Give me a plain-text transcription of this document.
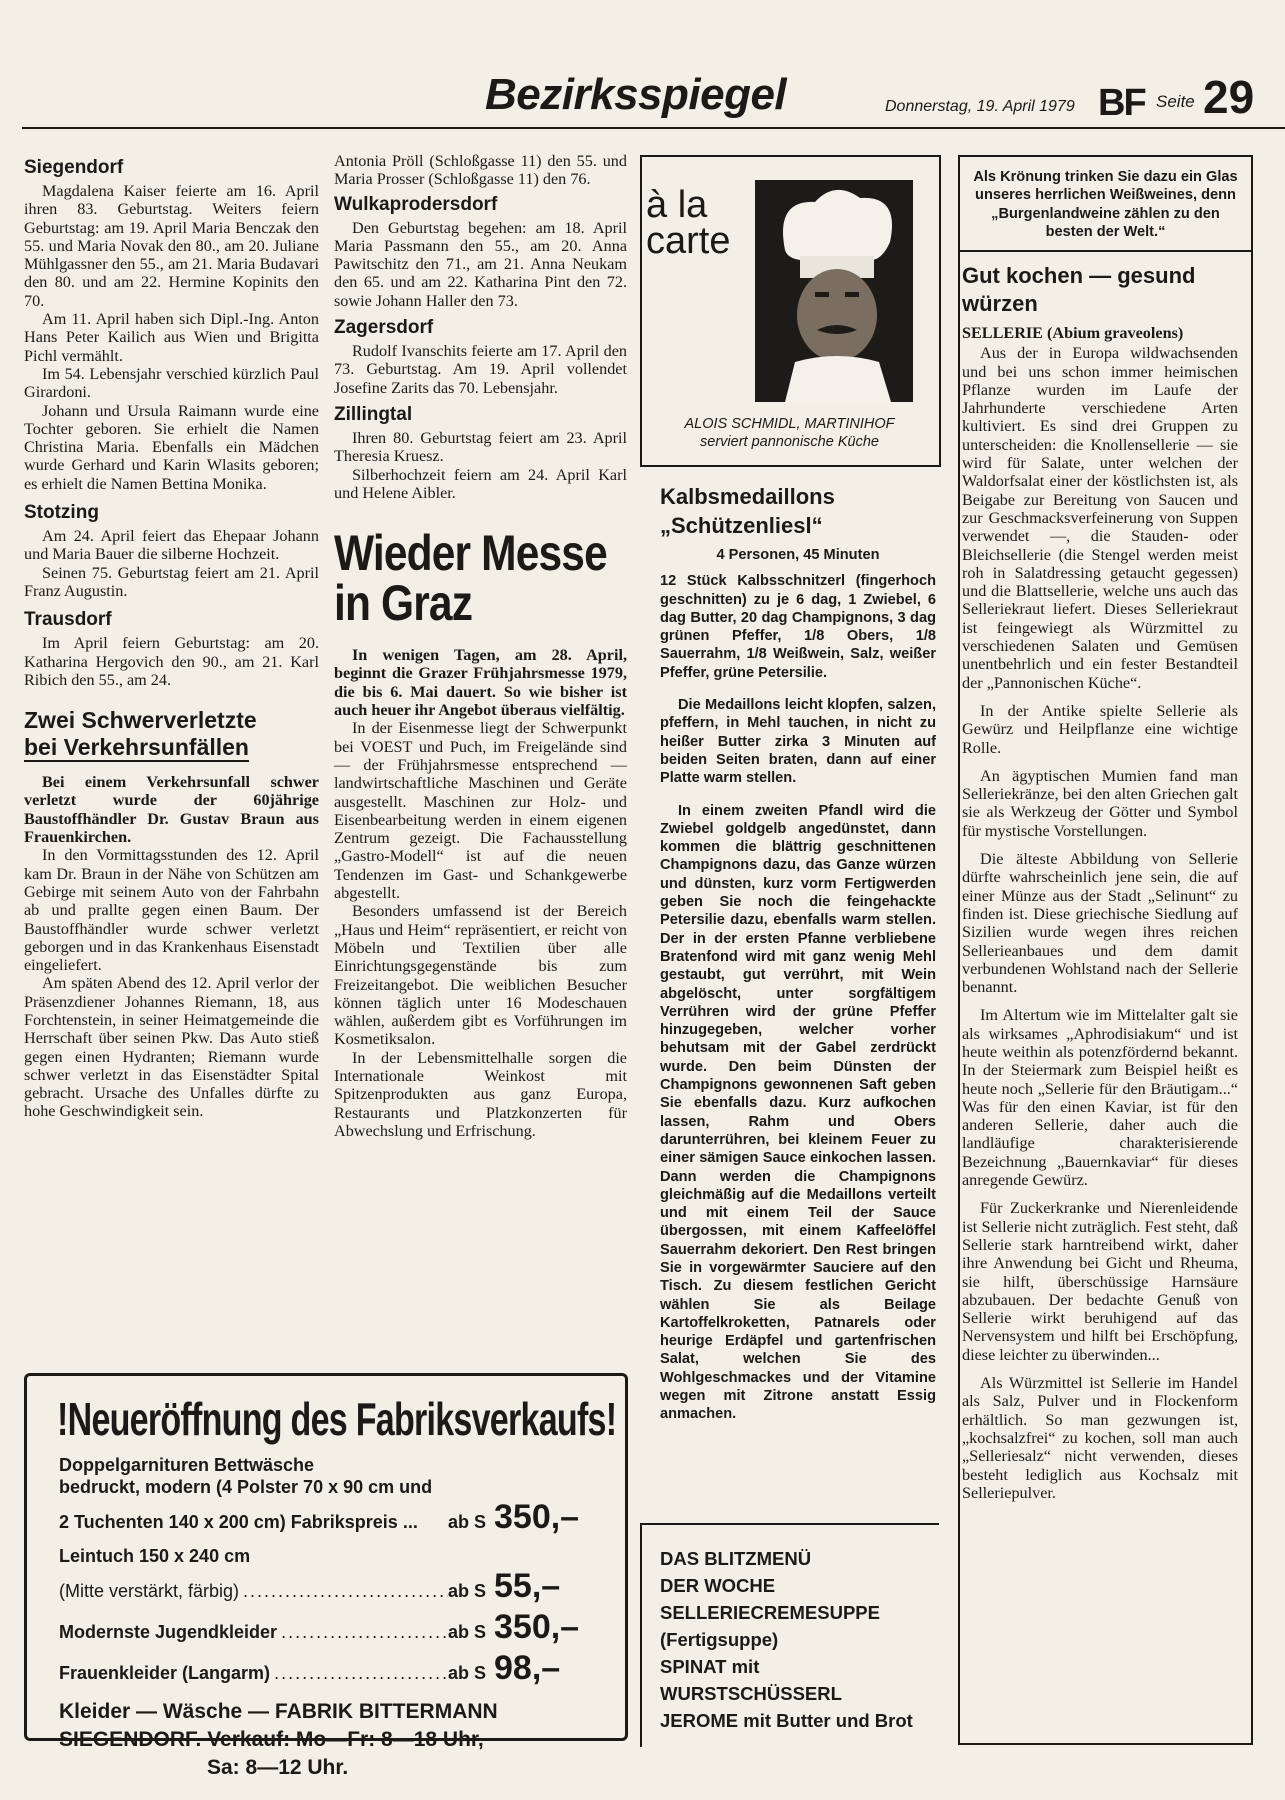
Bezirksspiegel	Donnerstag, 19. April 1979 BF Seite 29
Siegendorf

Magdalena Kaiser feierte am 16. April ihren 83. Geburtstag. Weiters feiern Geburtstag: am 19. April Maria Benczak den 55. und Maria Novak den 80., am 20. Juliane Mühlgassner den 55., am 21. Maria Budavari den 80. und am 22. Hermine Kopinits den 70.

Am 11. April haben sich Dipl.-Ing. Anton Hans Peter Kailich aus Wien und Brigitta Pichl vermählt.

Im 54. Lebensjahr verschied kürzlich Paul Girardoni.

Johann und Ursula Raimann wurde eine Tochter geboren. Sie erhielt die Namen Christina Maria. Ebenfalls ein Mädchen wurde Gerhard und Karin Wlasits geboren; es erhielt die Namen Bettina Monika.

Stotzing

Am 24. April feiert das Ehepaar Johann und Maria Bauer die silberne Hochzeit.

Seinen 75. Geburtstag feiert am 21. April Franz Augustin.

Trausdorf

Im April feiern Geburtstag: am 20. Katharina Hergovich den 90., am 21. Karl Ribich den 55., am 24.

Zwei Schwerverletzte
bei Verkehrsunfällen

Bei einem Verkehrsunfall schwer verletzt wurde der 60jährige Baustoffhändler Dr. Gustav Braun aus Frauenkirchen.

In den Vormittagsstunden des 12. April kam Dr. Braun in der Nähe von Schützen am Gebirge mit seinem Auto von der Fahrbahn ab und prallte gegen einen Baum. Der Baustoffhändler wurde schwer verletzt geborgen und in das Krankenhaus Eisenstadt eingeliefert.

Am späten Abend des 12. April verlor der Präsenzdiener Johannes Riemann, 18, aus Forchtenstein, in seiner Heimatgemeinde die Herrschaft über seinen Pkw. Das Auto stieß gegen einen Hydranten; Riemann wurde schwer verletzt in das Eisenstädter Spital gebracht. Ursache des Unfalles dürfte zu hohe Geschwindigkeit sein.

Antonia Pröll (Schloßgasse 11) den 55. und Maria Prosser (Schloßgasse 11) den 76.

Wulkaprodersdorf

Den Geburtstag begehen: am 18. April Maria Passmann den 55., am 20. Anna Pawitschitz den 71., am 21. Anna Neukam den 65. und am 22. Katharina Pint den 72. sowie Johann Haller den 73.

Zagersdorf

Rudolf Ivanschits feierte am 17. April den 73. Geburtstag. Am 19. April vollendet Josefine Zarits das 70. Lebensjahr.

Zillingtal

Ihren 80. Geburtstag feiert am 23. April Theresia Kruesz.

Silberhochzeit feiern am 24. April Karl und Helene Aibler.

Wieder Messe
in Graz

In wenigen Tagen, am 28. April, beginnt die Grazer Frühjahrsmesse 1979, die bis 6. Mai dauert. So wie bisher ist auch heuer ihr Angebot überaus vielfältig.

In der Eisenmesse liegt der Schwerpunkt bei VOEST und Puch, im Freigelände sind — der Frühjahrsmesse entsprechend — landwirtschaftliche Maschinen und Geräte ausgestellt. Maschinen zur Holz- und Eisenbearbeitung werden in einem eigenen Zentrum gezeigt. Die Fachausstellung „Gastro-Modell“ ist auf die neuen Tendenzen im Gast- und Schankgewerbe abgestellt.

Besonders umfassend ist der Bereich „Haus und Heim“ repräsentiert, er reicht von Möbeln und Textilien über alle Einrichtungsgegenstände bis zum Freizeitangebot. Die weiblichen Besucher können täglich unter 16 Modeschauen wählen, außerdem gibt es Vorführungen im Kosmetiksalon.

In der Lebensmittelhalle sorgen die Internationale Weinkost mit Spitzenprodukten aus ganz Europa, Restaurants und Platzkonzerten für Abwechslung und Erfrischung.

à la
carte
ALOIS SCHMIDL, MARTINIHOF
serviert pannonische Küche
Kalbsmedaillons
„Schützenliesl“
4 Personen, 45 Minuten

12 Stück Kalbsschnitzerl (fingerhoch geschnitten) zu je 6 dag, 1 Zwiebel, 6 dag Butter, 20 dag Champignons, 3 dag grünen Pfeffer, 1/8 Obers, 1/8 Sauerrahm, 1/8 Weißwein, Salz, weißer Pfeffer, grüne Petersilie.

Die Medaillons leicht klopfen, salzen, pfeffern, in Mehl tauchen, in nicht zu heißer Butter zirka 3 Minuten auf beiden Seiten braten, dann auf einer Platte warm stellen.

In einem zweiten Pfandl wird die Zwiebel goldgelb angedünstet, dann kommen die blättrig geschnittenen Champignons dazu, das Ganze würzen und dünsten, kurz vorm Fertigwerden geben Sie noch die feingehackte Petersilie dazu, ebenfalls warm stellen. Der in der ersten Pfanne verbliebene Bratenfond wird mit ganz wenig Mehl gestaubt, gut verrührt, mit Wein abgelöscht, unter sorgfältigem Verrühren wird der grüne Pfeffer hinzugegeben, welcher vorher behutsam mit der Gabel zerdrückt wurde. Den beim Dünsten der Champignons gewonnenen Saft geben Sie ebenfalls dazu. Kurz aufkochen lassen, Rahm und Obers darunterrühren, bei kleinem Feuer zu einer sämigen Sauce einkochen lassen. Dann werden die Champignons gleichmäßig auf die Medaillons verteilt und mit einem Teil der Sauce übergossen, mit einem Kaffeelöffel Sauerrahm dekoriert. Den Rest bringen Sie in vorgewärmter Sauciere auf den Tisch. Zu diesem festlichen Gericht wählen Sie als Beilage Kartoffelkroketten, Patnarels oder heurige Erdäpfel und gartenfrischen Salat, welchen Sie des Wohlgeschmackes und der Vitamine wegen mit Zitrone anstatt Essig anmachen.

DAS BLITZMENÜ
DER WOCHE
SELLERIECREMESUPPE
(Fertigsuppe)
SPINAT mit
WURSTSCHÜSSERL
JEROME mit Butter und Brot
Als Krönung trinken Sie dazu ein Glas unseres herrlichen Weißweines, denn „Burgenlandweine zählen zu den besten der Welt.“
Gut kochen — gesund
würzen
SELLERIE (Abium graveolens)

Aus der in Europa wildwachsenden und bei uns schon immer heimischen Pflanze wurden im Laufe der Jahrhunderte verschiedene Arten kultiviert. Es sind drei Gruppen zu unterscheiden: die Knollensellerie — sie wird für Salate, unter welchen der Waldorfsalat einer der köstlichsten ist, als Beigabe zur Bereitung von Saucen und zur Geschmacksverfeinerung von Suppen verwendet —, die Stauden- oder Bleichsellerie (die Stengel werden meist roh in Salatdressing getaucht gegessen) und die Blattsellerie, welche uns auch das Selleriekraut liefert. Dieses Selleriekraut ist feingewiegt als Würzmittel zu verschiedenen Salaten und Gemüsen unentbehrlich und ein fester Bestandteil der „Pannonischen Küche“.

In der Antike spielte Sellerie als Gewürz und Heilpflanze eine wichtige Rolle.

An ägyptischen Mumien fand man Selleriekränze, bei den alten Griechen galt sie als Werkzeug der Götter und Symbol für mystische Vorstellungen.

Die älteste Abbildung von Sellerie dürfte wahrscheinlich jene sein, die auf einer Münze aus der Stadt „Selinunt“ zu finden ist. Diese griechische Siedlung auf Sizilien wurde wegen ihres reichen Sellerieanbaues und dem damit verbundenen Wohlstand nach der Sellerie benannt.

Im Altertum wie im Mittelalter galt sie als wirksames „Aphrodisiakum“ und ist heute weithin als potenzfördernd bekannt. In der Steiermark zum Beispiel heißt es heute noch „Sellerie für den Bräutigam...“ Was für den einen Kaviar, ist für den anderen Sellerie, daher auch die landläufige charakterisierende Bezeichnung „Bauernkaviar“ für dieses anregende Gewürz.

Für Zuckerkranke und Nierenleidende ist Sellerie nicht zuträglich. Fest steht, daß Sellerie stark harntreibend wirkt, daher ihre Anwendung bei Gicht und Rheuma, sie hilft, überschüssige Harnsäure abzubauen. Der bedachte Genuß von Sellerie wirkt beruhigend auf das Nervensystem und hilft bei Erschöpfung, diese leichter zu überwinden...

Als Würzmittel ist Sellerie im Handel als Salz, Pulver und in Flockenform erhältlich. So man gezwungen ist, „kochsalzfrei“ zu kochen, soll man auch „Selleriesalz“ nicht verwenden, dieses besteht lediglich aus Kochsalz mit Selleriepulver.

!Neueröffnung des Fabriksverkaufs!
Doppelgarnituren Bettwäsche
bedruckt, modern (4 Polster 70 x 90 cm und
2 Tuchenten 140 x 200 cm) Fabrikspreis ... ab S 350,–
Leintuch 150 x 240 cm
(Mitte verstärkt, färbig) .....	ab S 55,–
Modernste Jugendkleider .....	ab S 350,–
Frauenkleider (Langarm) .....	ab S 98,–
Kleider — Wäsche — FABRIK BITTERMANN
SIEGENDORF. Verkauf: Mo—Fr: 8—18 Uhr,
Sa: 8—12 Uhr.
